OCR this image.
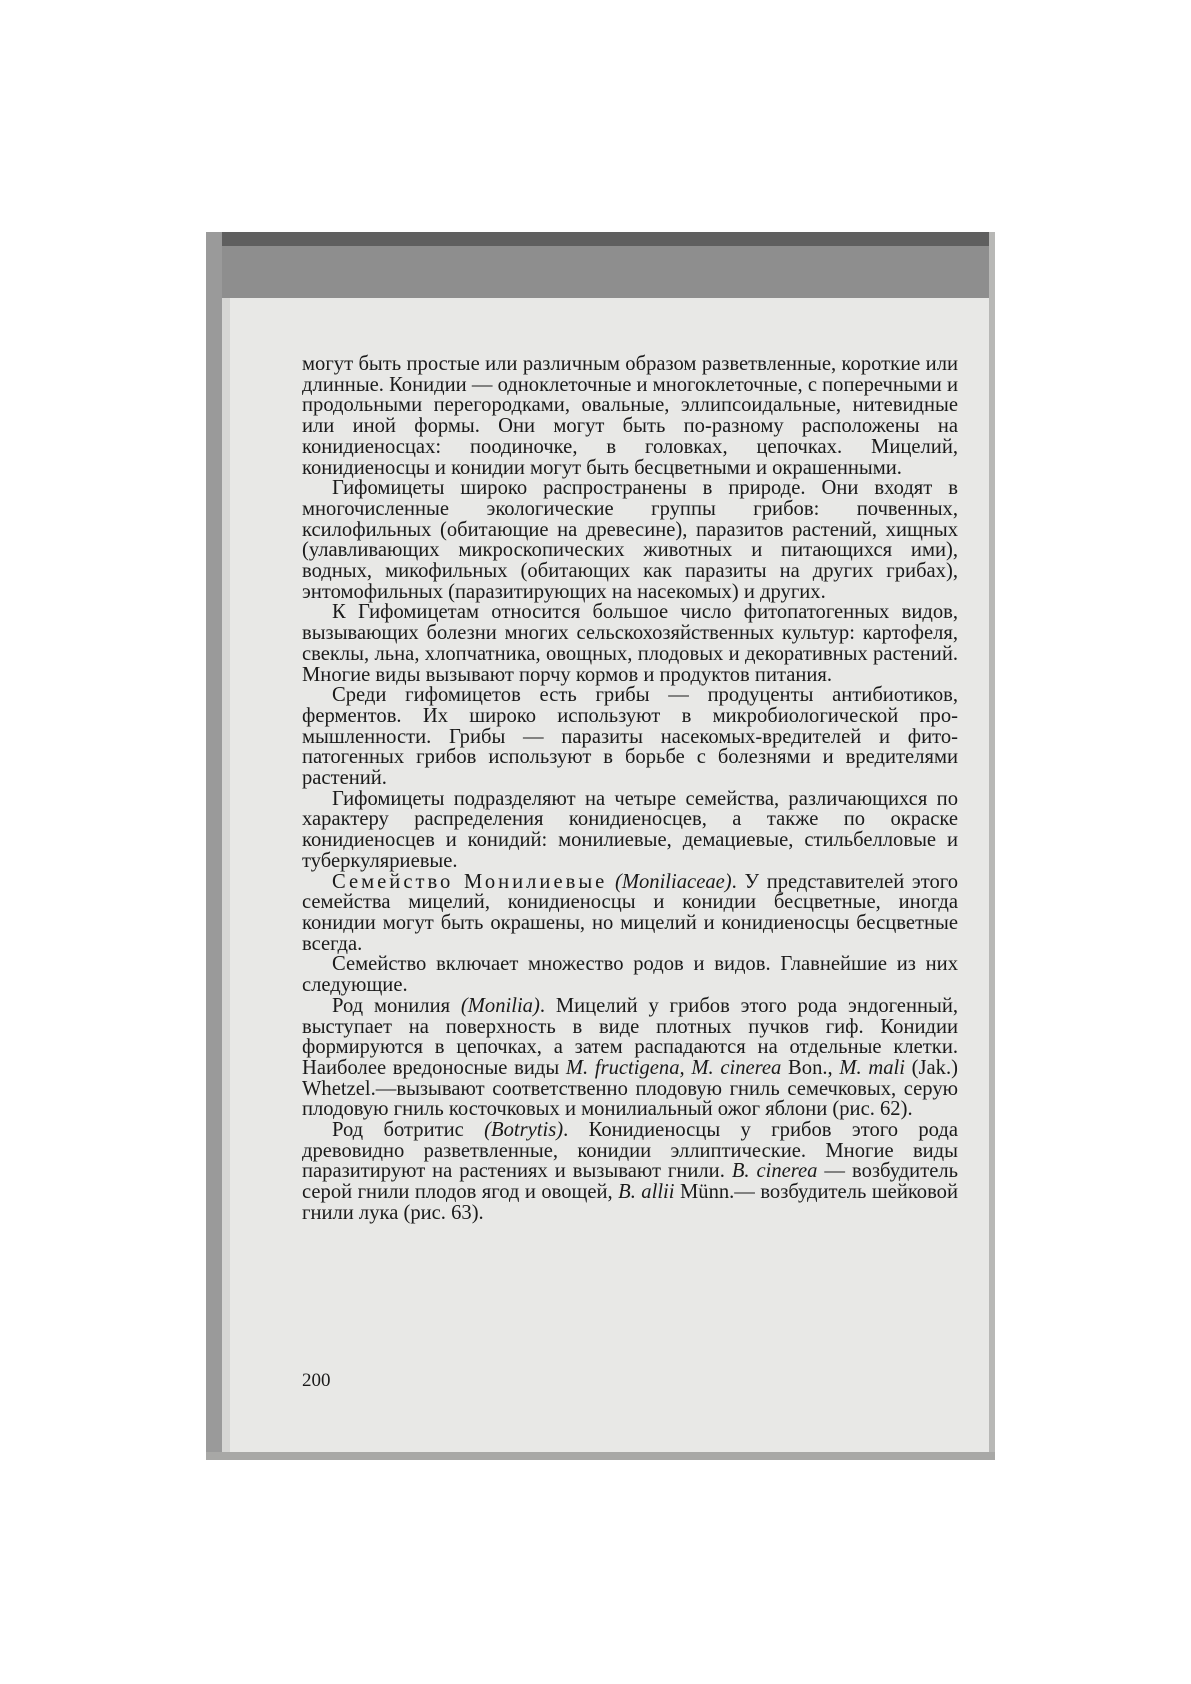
могут быть простые или различным образом разветвленные, короткие или длинные. Конидии — одноклеточные и многоклеточные, с поперечными и продольными перегородками, овальные, эллипсоидальные, нитевидные или иной формы. Они могут быть по-разному расположены на конидиеносцах: поодиночке, в головках, цепочках. Мицелий, конидиеносцы и конидии могут быть бесцветными и окрашенными.

Гифомицеты широко распространены в природе. Они входят в многочисленные экологические группы грибов: почвенных, ксилофильных (обитающие на древесине), паразитов растений, хищных (улавливающих микроскопических животных и питающихся ими), водных, микофильных (обитающих как паразиты на других грибах), энтомофильных (паразитирующих на насекомых) и других.

К Гифомицетам относится большое число фитопатогенных видов, вызывающих болезни многих сельскохозяйственных культур: картофеля, свеклы, льна, хлопчатника, овощных, плодовых и декоративных растений. Многие виды вызывают порчу кормов и продуктов питания.

Среди гифомицетов есть грибы — продуценты антибиотиков, ферментов. Их широко используют в микробиологической промышленности. Грибы — паразиты насекомых-вредителей и фитопатогенных грибов используют в борьбе с болезнями и вредителями растений.

Гифомицеты подразделяют на четыре семейства, различающихся по характеру распределения конидиеносцев, а также по окраске конидиеносцев и конидий: монилиевые, демациевые, стильбелловые и туберкуляриевые.

Семейство Монилиевые (Moniliaceae). У представителей этого семейства мицелий, конидиеносцы и конидии бесцветные, иногда конидии могут быть окрашены, но мицелий и конидиеносцы бесцветные всегда.

Семейство включает множество родов и видов. Главнейшие из них следующие.

Род монилия (Monilia). Мицелий у грибов этого рода эндогенный, выступает на поверхность в виде плотных пучков гиф. Конидии формируются в цепочках, а затем распадаются на отдельные клетки. Наиболее вредоносные виды M. fructigena, M. cinerea Bon., M. mali (Jak.) Whetzel.—вызывают соответственно плодовую гниль семечковых, серую плодовую гниль косточковых и монилиальный ожог яблони (рис. 62).

Род ботритис (Botrytis). Конидиеносцы у грибов этого рода древовидно разветвленные, конидии эллиптические. Многие виды паразитируют на растениях и вызывают гнили. B. cinerea — возбудитель серой гнили плодов ягод и овощей, B. allii Münn.— возбудитель шейковой гнили лука (рис. 63).

200
